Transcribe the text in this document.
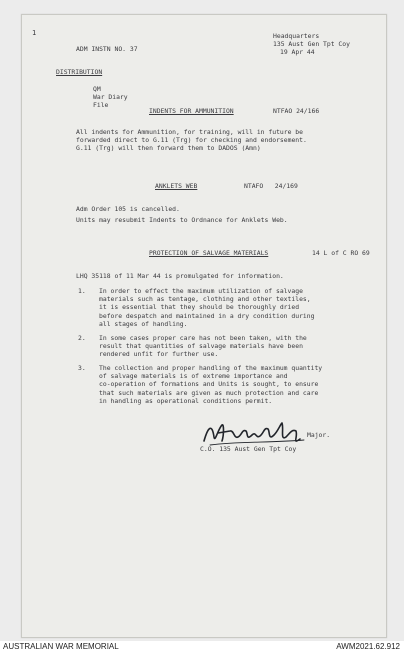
1
ADM INSTN NO. 37
Headquarters
135 Aust Gen Tpt Coy
19 Apr 44
DISTRIBUTION
QM
War Diary
File
INDENTS FOR AMMUNITION	NTFAO 24/166
All indents for Ammunition, for training, will in future be
forwarded direct to G.11 (Trg) for checking and endorsement.
G.11 (Trg) will then forward them to DADOS (Amn)
ANKLETS WEB	NTAFO   24/169
Adm Order 105 is cancelled.
Units may resubmit Indents to Ordnance for Anklets Web.
PROTECTION OF SALVAGE MATERIALS	14 L of C RO 69
LHQ 35118 of 11 Mar 44 is promulgated for information.
1. In order to effect the maximum utilization of salvage
materials such as tentage, clothing and other textiles,
it is essential that they should be thoroughly dried
before despatch and maintained in a dry condition during
all stages of handling.
2. In some cases proper care has not been taken, with the
result that quantities of salvage materials have been
rendered unfit for further use.
3. The collection and proper handling of the maximum quantity
of salvage materials is of extreme importance and
co-operation of formations and Units is sought, to ensure
that such materials are given as much protection and care
in handling as operational conditions permit.
Major.
C.O. 135 Aust Gen Tpt Coy
AUSTRALIAN WAR MEMORIAL	AWM2021.62.912
